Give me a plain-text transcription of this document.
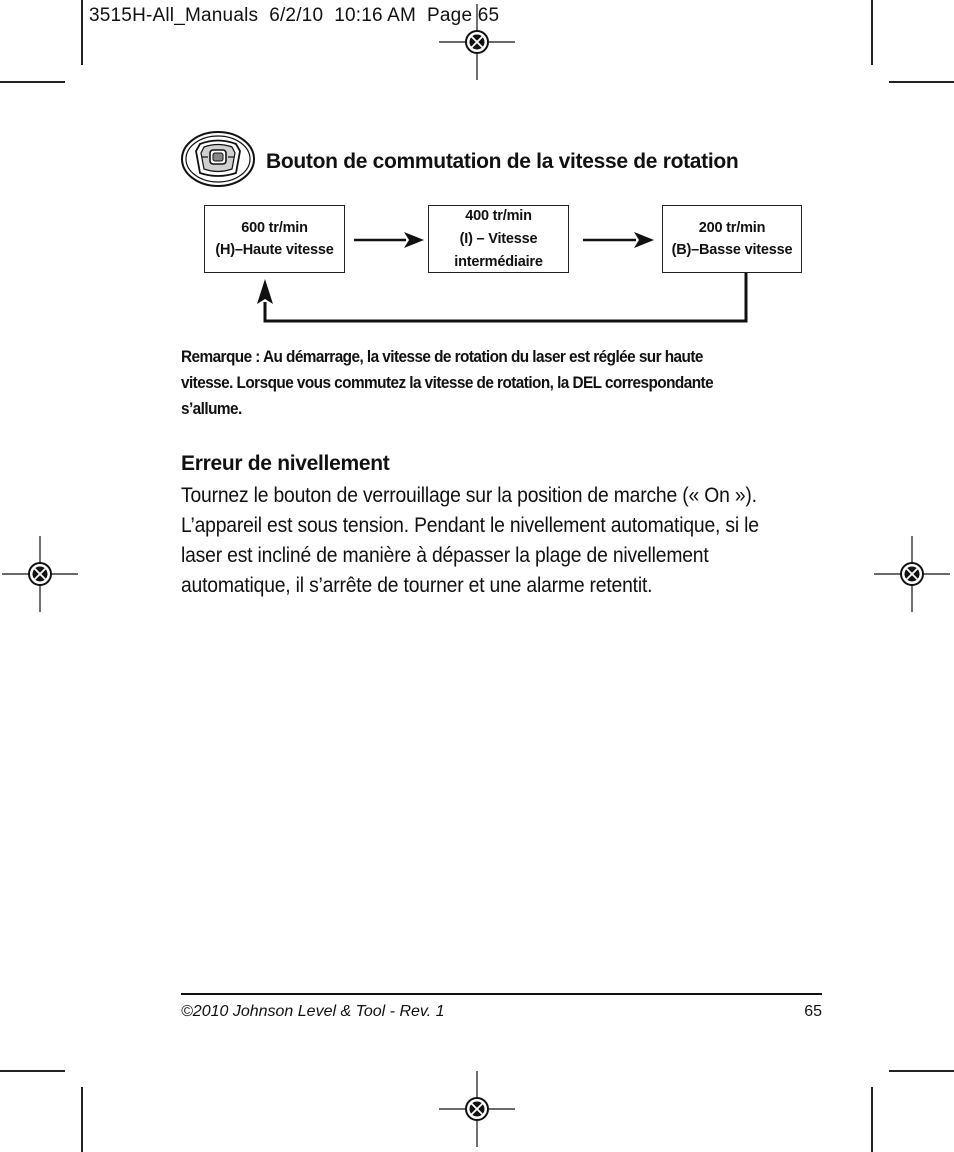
3515H-All_Manuals 6/2/10 10:16 AM Page 65
Bouton de commutation de la vitesse de rotation
600 tr/min
(H)–Haute vitesse
400 tr/min
(I) – Vitesse
intermédiaire
200 tr/min
(B)–Basse vitesse
Remarque : Au démarrage, la vitesse de rotation du laser est réglée sur haute
vitesse. Lorsque vous commutez la vitesse de rotation, la DEL correspondante
s’allume.
Erreur de nivellement
Tournez le bouton de verrouillage sur la position de marche (« On »).
L’appareil est sous tension. Pendant le nivellement automatique, si le
laser est incliné de manière à dépasser la plage de nivellement
automatique, il s’arrête de tourner et une alarme retentit.
©2010 Johnson Level & Tool - Rev. 1	65
